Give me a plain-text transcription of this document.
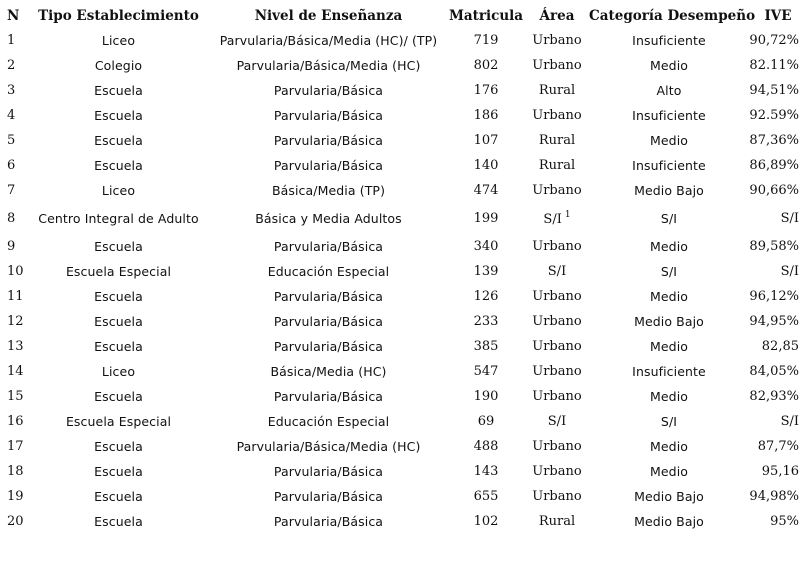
N	Tipo Establecimiento	Nivel de Enseñanza	Matricula	Área	Categoría Desempeño	IVE
1	Liceo	Parvularia/Básica/Media (HC)/ (TP)	719	Urbano	Insuficiente	90,72%
2	Colegio	Parvularia/Básica/Media (HC)	802	Urbano	Medio	82.11%
3	Escuela	Parvularia/Básica	176	Rural	Alto	94,51%
4	Escuela	Parvularia/Básica	186	Urbano	Insuficiente	92.59%
5	Escuela	Parvularia/Básica	107	Rural	Medio	87,36%
6	Escuela	Parvularia/Básica	140	Rural	Insuficiente	86,89%
7	Liceo	Básica/Media (TP)	474	Urbano	Medio Bajo	90,66%
8	Centro Integral de Adulto	Básica y Media Adultos	199	S/I $^1$	S/I	S/I
9	Escuela	Parvularia/Básica	340	Urbano	Medio	89,58%
10	Escuela Especial	Educación Especial	139	S/I	S/I	S/I
11	Escuela	Parvularia/Básica	126	Urbano	Medio	96,12%
12	Escuela	Parvularia/Básica	233	Urbano	Medio Bajo	94,95%
13	Escuela	Parvularia/Básica	385	Urbano	Medio	82,85
14	Liceo	Básica/Media (HC)	547	Urbano	Insuficiente	84,05%
15	Escuela	Parvularia/Básica	190	Urbano	Medio	82,93%
16	Escuela Especial	Educación Especial	69	S/I	S/I	S/I
17	Escuela	Parvularia/Básica/Media (HC)	488	Urbano	Medio	87,7%
18	Escuela	Parvularia/Básica	143	Urbano	Medio	95,16
19	Escuela	Parvularia/Básica	655	Urbano	Medio Bajo	94,98%
20	Escuela	Parvularia/Básica	102	Rural	Medio Bajo	95%
